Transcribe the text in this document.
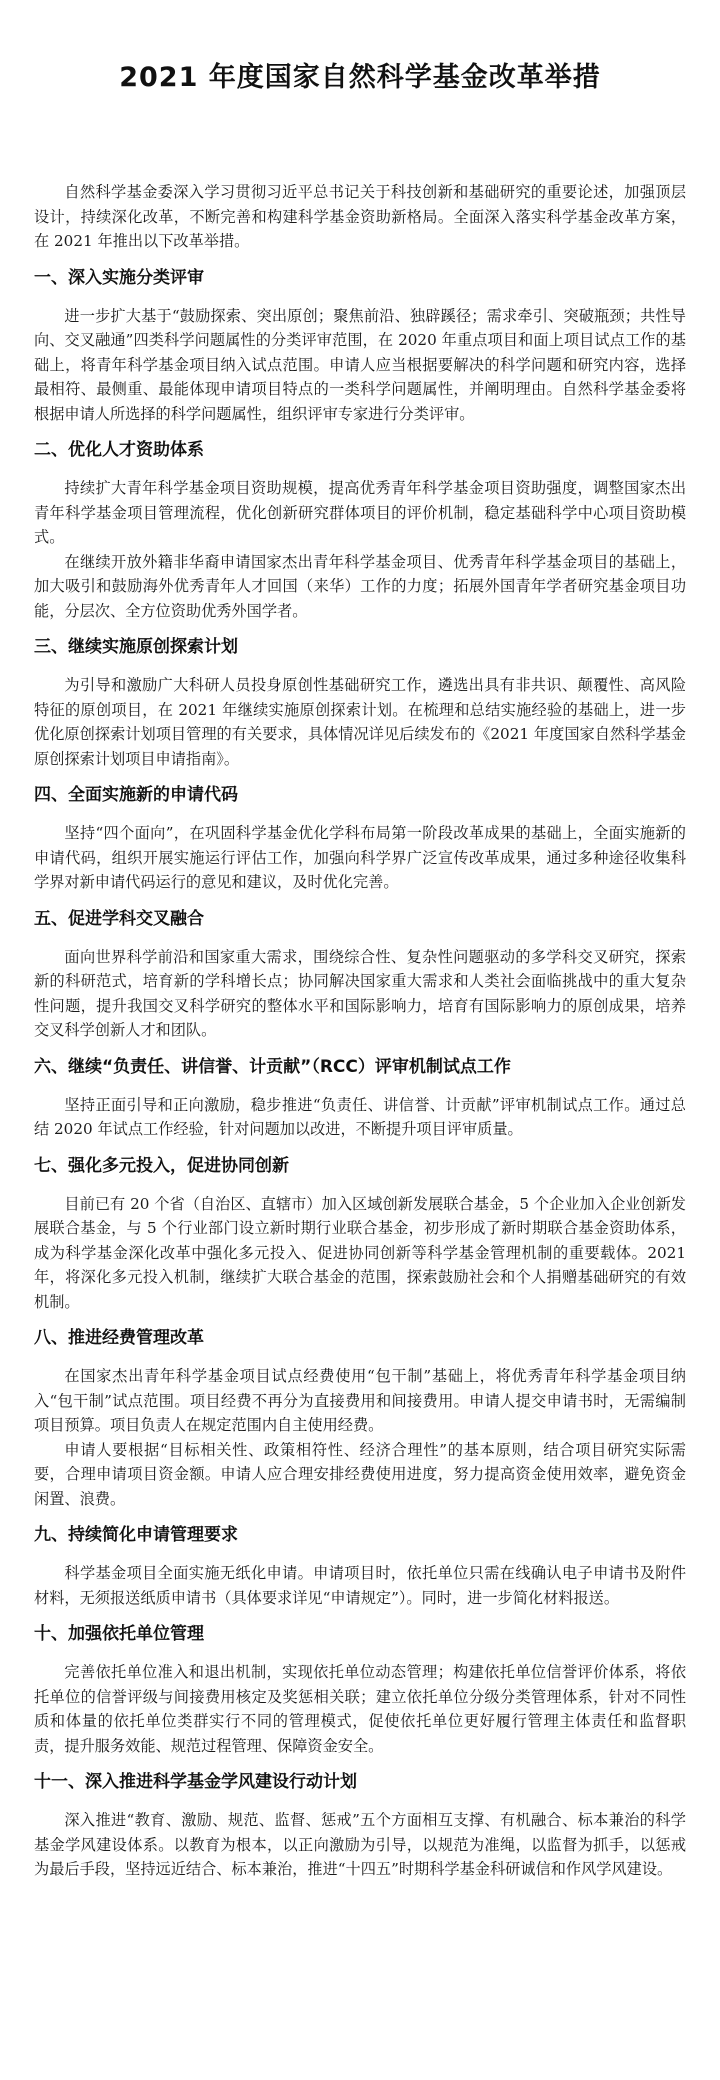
2021 年度国家自然科学基金改革举措

自然科学基金委深入学习贯彻习近平总书记关于科技创新和基础研究的重要论述，加强顶层设计，持续深化改革，不断完善和构建科学基金资助新格局。全面深入落实科学基金改革方案，在 2021 年推出以下改革举措。

一、深入实施分类评审

进一步扩大基于“鼓励探索、突出原创；聚焦前沿、独辟蹊径；需求牵引、突破瓶颈；共性导向、交叉融通”四类科学问题属性的分类评审范围，在 2020 年重点项目和面上项目试点工作的基础上，将青年科学基金项目纳入试点范围。申请人应当根据要解决的科学问题和研究内容，选择最相符、最侧重、最能体现申请项目特点的一类科学问题属性，并阐明理由。自然科学基金委将根据申请人所选择的科学问题属性，组织评审专家进行分类评审。

二、优化人才资助体系

持续扩大青年科学基金项目资助规模，提高优秀青年科学基金项目资助强度，调整国家杰出青年科学基金项目管理流程，优化创新研究群体项目的评价机制，稳定基础科学中心项目资助模式。

在继续开放外籍非华裔申请国家杰出青年科学基金项目、优秀青年科学基金项目的基础上，加大吸引和鼓励海外优秀青年人才回国（来华）工作的力度；拓展外国青年学者研究基金项目功能，分层次、全方位资助优秀外国学者。

三、继续实施原创探索计划

为引导和激励广大科研人员投身原创性基础研究工作，遴选出具有非共识、颠覆性、高风险特征的原创项目，在 2021 年继续实施原创探索计划。在梳理和总结实施经验的基础上，进一步优化原创探索计划项目管理的有关要求，具体情况详见后续发布的《2021 年度国家自然科学基金原创探索计划项目申请指南》。

四、全面实施新的申请代码

坚持“四个面向”，在巩固科学基金优化学科布局第一阶段改革成果的基础上，全面实施新的申请代码，组织开展实施运行评估工作，加强向科学界广泛宣传改革成果，通过多种途径收集科学界对新申请代码运行的意见和建议，及时优化完善。

五、促进学科交叉融合

面向世界科学前沿和国家重大需求，围绕综合性、复杂性问题驱动的多学科交叉研究，探索新的科研范式，培育新的学科增长点；协同解决国家重大需求和人类社会面临挑战中的重大复杂性问题，提升我国交叉科学研究的整体水平和国际影响力，培育有国际影响力的原创成果，培养交叉科学创新人才和团队。

六、继续“负责任、讲信誉、计贡献”（RCC）评审机制试点工作

坚持正面引导和正向激励，稳步推进“负责任、讲信誉、计贡献”评审机制试点工作。通过总结 2020 年试点工作经验，针对问题加以改进，不断提升项目评审质量。

七、强化多元投入，促进协同创新

目前已有 20 个省（自治区、直辖市）加入区域创新发展联合基金，5 个企业加入企业创新发展联合基金，与 5 个行业部门设立新时期行业联合基金，初步形成了新时期联合基金资助体系，成为科学基金深化改革中强化多元投入、促进协同创新等科学基金管理机制的重要载体。2021 年，将深化多元投入机制，继续扩大联合基金的范围，探索鼓励社会和个人捐赠基础研究的有效机制。

八、推进经费管理改革

在国家杰出青年科学基金项目试点经费使用“包干制”基础上，将优秀青年科学基金项目纳入“包干制”试点范围。项目经费不再分为直接费用和间接费用。申请人提交申请书时，无需编制项目预算。项目负责人在规定范围内自主使用经费。

申请人要根据“目标相关性、政策相符性、经济合理性”的基本原则，结合项目研究实际需要，合理申请项目资金额。申请人应合理安排经费使用进度，努力提高资金使用效率，避免资金闲置、浪费。

九、持续简化申请管理要求

科学基金项目全面实施无纸化申请。申请项目时，依托单位只需在线确认电子申请书及附件材料，无须报送纸质申请书（具体要求详见“申请规定”）。同时，进一步简化材料报送。

十、加强依托单位管理

完善依托单位准入和退出机制，实现依托单位动态管理；构建依托单位信誉评价体系，将依托单位的信誉评级与间接费用核定及奖惩相关联；建立依托单位分级分类管理体系，针对不同性质和体量的依托单位类群实行不同的管理模式，促使依托单位更好履行管理主体责任和监督职责，提升服务效能、规范过程管理、保障资金安全。

十一、深入推进科学基金学风建设行动计划

深入推进“教育、激励、规范、监督、惩戒”五个方面相互支撑、有机融合、标本兼治的科学基金学风建设体系。以教育为根本，以正向激励为引导，以规范为准绳，以监督为抓手，以惩戒为最后手段，坚持远近结合、标本兼治，推进“十四五”时期科学基金科研诚信和作风学风建设。
